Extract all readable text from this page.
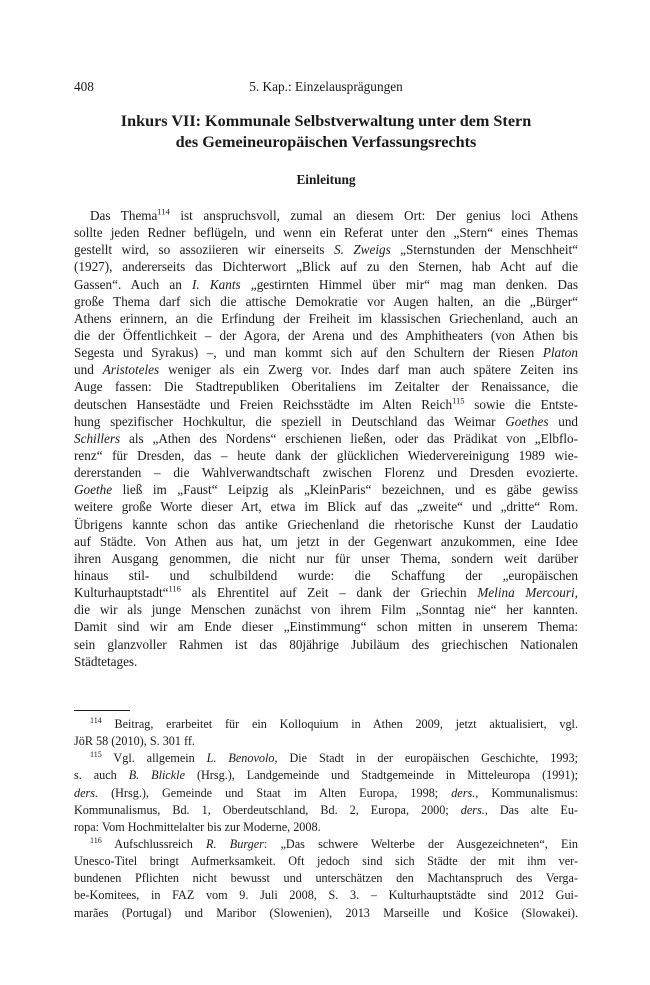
408	5. Kap.: Einzelausprägungen
Inkurs VII: Kommunale Selbstverwaltung unter dem Stern
des Gemeineuropäischen Verfassungsrechts
Einleitung
Das Thema$^{114}$ ist anspruchsvoll, zumal an diesem Ort: Der genius loci Athens
sollte jeden Redner beflügeln, und wenn ein Referat unter den „Stern“ eines Themas
gestellt wird, so assoziieren wir einerseits S. Zweigs „Sternstunden der Menschheit“
(1927), andererseits das Dichterwort „Blick auf zu den Sternen, hab Acht auf die
Gassen“. Auch an I. Kants „gestirnten Himmel über mir“ mag man denken. Das
große Thema darf sich die attische Demokratie vor Augen halten, an die „Bürger“
Athens erinnern, an die Erfindung der Freiheit im klassischen Griechenland, auch an
die der Öffentlichkeit – der Agora, der Arena und des Amphitheaters (von Athen bis
Segesta und Syrakus) –, und man kommt sich auf den Schultern der Riesen Platon
und Aristoteles weniger als ein Zwerg vor. Indes darf man auch spätere Zeiten ins
Auge fassen: Die Stadtrepubliken Oberitaliens im Zeitalter der Renaissance, die
deutschen Hansestädte und Freien Reichsstädte im Alten Reich$^{115}$ sowie die Entste-
hung spezifischer Hochkultur, die speziell in Deutschland das Weimar Goethes und
Schillers als „Athen des Nordens“ erschienen ließen, oder das Prädikat von „Elbflo-
renz“ für Dresden, das – heute dank der glücklichen Wiedervereinigung 1989 wie-
dererstanden – die Wahlverwandtschaft zwischen Florenz und Dresden evozierte.
Goethe ließ im „Faust“ Leipzig als „KleinParis“ bezeichnen, und es gäbe gewiss
weitere große Worte dieser Art, etwa im Blick auf das „zweite“ und „dritte“ Rom.
Übrigens kannte schon das antike Griechenland die rhetorische Kunst der Laudatio
auf Städte. Von Athen aus hat, um jetzt in der Gegenwart anzukommen, eine Idee
ihren Ausgang genommen, die nicht nur für unser Thema, sondern weit darüber
hinaus stil- und schulbildend wurde: die Schaffung der „europäischen
Kulturhauptstadt“$^{116}$ als Ehrentitel auf Zeit – dank der Griechin Melina Mercouri,
die wir als junge Menschen zunächst von ihrem Film „Sonntag nie“ her kannten.
Damit sind wir am Ende dieser „Einstimmung“ schon mitten in unserem Thema:
sein glanzvoller Rahmen ist das 80jährige Jubiläum des griechischen Nationalen
Städtetages.
$^{114}$ Beitrag, erarbeitet für ein Kolloquium in Athen 2009, jetzt aktualisiert, vgl.
JöR 58 (2010), S. 301 ff.
$^{115}$ Vgl. allgemein L. Benovolo, Die Stadt in der europäischen Geschichte, 1993;
s. auch B. Blickle (Hrsg.), Landgemeinde und Stadtgemeinde in Mitteleuropa (1991);
ders. (Hrsg.), Gemeinde und Staat im Alten Europa, 1998; ders., Kommunalismus:
Kommunalismus, Bd. 1, Oberdeutschland, Bd. 2, Europa, 2000; ders., Das alte Eu-
ropa: Vom Hochmittelalter bis zur Moderne, 2008.
$^{116}$ Aufschlussreich R. Burger: „Das schwere Welterbe der Ausgezeichneten“, Ein
Unesco-Titel bringt Aufmerksamkeit. Oft jedoch sind sich Städte der mit ihm ver-
bundenen Pflichten nicht bewusst und unterschätzen den Machtanspruch des Verga-
be-Komitees, in FAZ vom 9. Juli 2008, S. 3. – Kulturhauptstädte sind 2012 Gui-
marães (Portugal) und Maribor (Slowenien), 2013 Marseille und Košice (Slowakei).
